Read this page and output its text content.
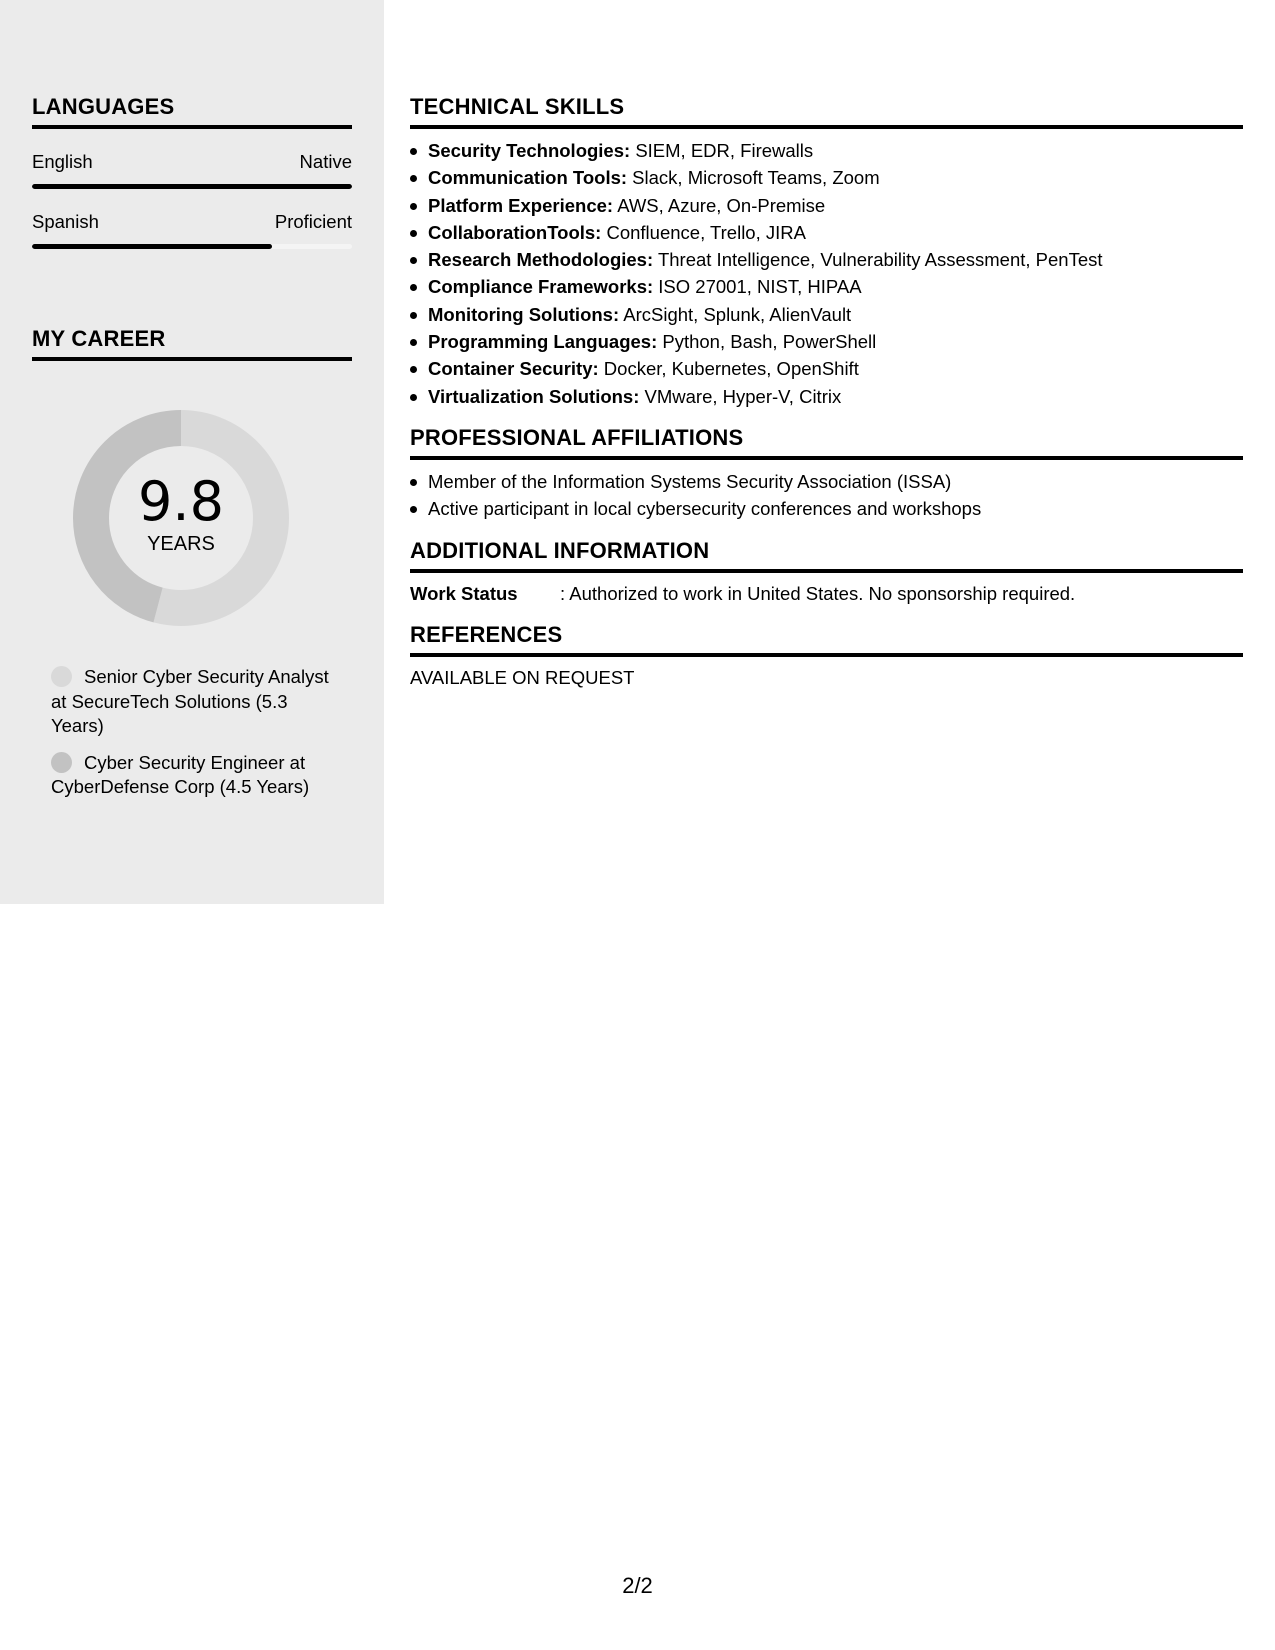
LANGUAGES
English	Native
Spanish	Proficient
MY CAREER
9.8
YEARS
Senior Cyber Security Analyst at SecureTech Solutions (5.3 Years)
Cyber Security Engineer at CyberDefense Corp (4.5 Years)
TECHNICAL SKILLS
Security Technologies: SIEM, EDR, Firewalls
Communication Tools: Slack, Microsoft Teams, Zoom
Platform Experience: AWS, Azure, On-Premise
CollaborationTools: Confluence, Trello, JIRA
Research Methodologies: Threat Intelligence, Vulnerability Assessment, PenTest
Compliance Frameworks: ISO 27001, NIST, HIPAA
Monitoring Solutions: ArcSight, Splunk, AlienVault
Programming Languages: Python, Bash, PowerShell
Container Security: Docker, Kubernetes, OpenShift
Virtualization Solutions: VMware, Hyper-V, Citrix
PROFESSIONAL AFFILIATIONS
Member of the Information Systems Security Association (ISSA)
Active participant in local cybersecurity conferences and workshops
ADDITIONAL INFORMATION
Work Status	: Authorized to work in United States. No sponsorship required.
REFERENCES
AVAILABLE ON REQUEST
2/2
